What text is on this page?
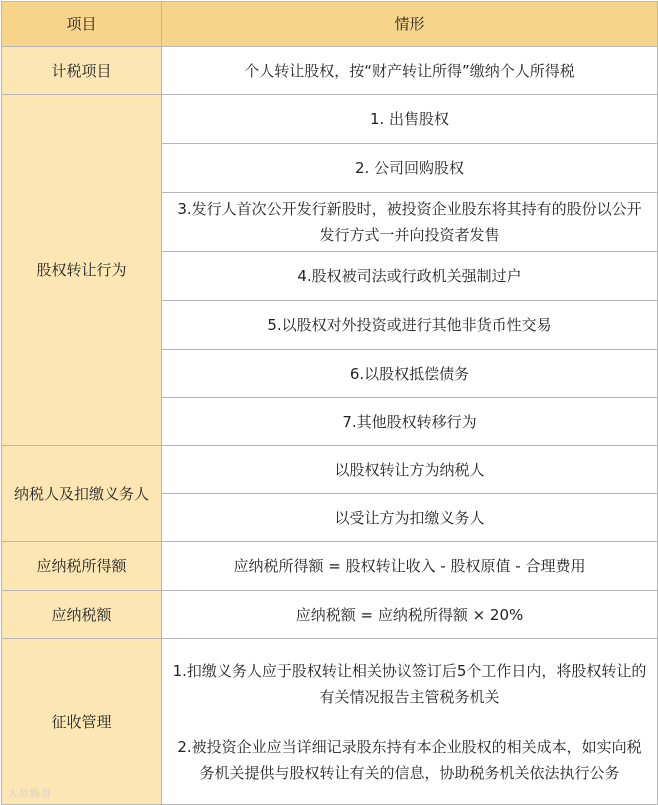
项目	情形
计税项目	个人转让股权，按“财产转让所得”缴纳个人所得税
股权转让行为	1. 出售股权
	2. 公司回购股权
	3.发行人首次公开发行新股时，被投资企业股东将其持有的股份以公开发行方式一并向投资者发售
	4.股权被司法或行政机关强制过户
	5.以股权对外投资或进行其他非货币性交易
	6.以股权抵偿债务
	7.其他股权转移行为
纳税人及扣缴义务人	以股权转让方为纳税人
	以受让方为扣缴义务人
应纳税所得额	应纳税所得额 = 股权转让收入 - 股权原值 - 合理费用
应纳税额	应纳税额 = 应纳税所得额 × 20%
征收管理	1.扣缴义务人应于股权转让相关协议签订后5个工作日内，将股权转让的有关情况报告主管税务机关
2.被投资企业应当详细记录股东持有本企业股权的相关成本，如实向税务机关提供与股权转让有关的信息，协助税务机关依法执行公务
大敌路哥
